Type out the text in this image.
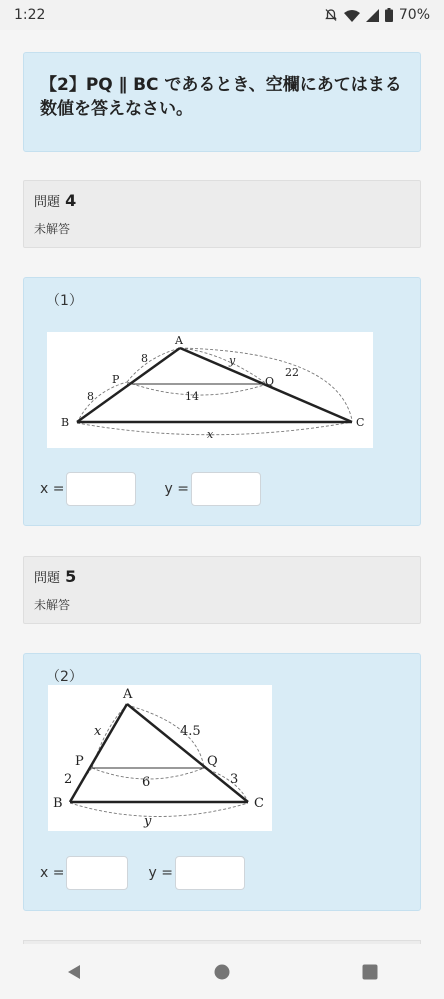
1:22	70%
【2】PQ ∥ BC であるとき、空欄にあてはまる数値を答えなさい。
問題 4
未解答
（1）
A
P	Q
B	C
8
8
y
22
14
x
x =	y =
問題 5
未解答
（2）
A
P	Q
B	C
x	4.5
2	6	3
y
x =	y =
